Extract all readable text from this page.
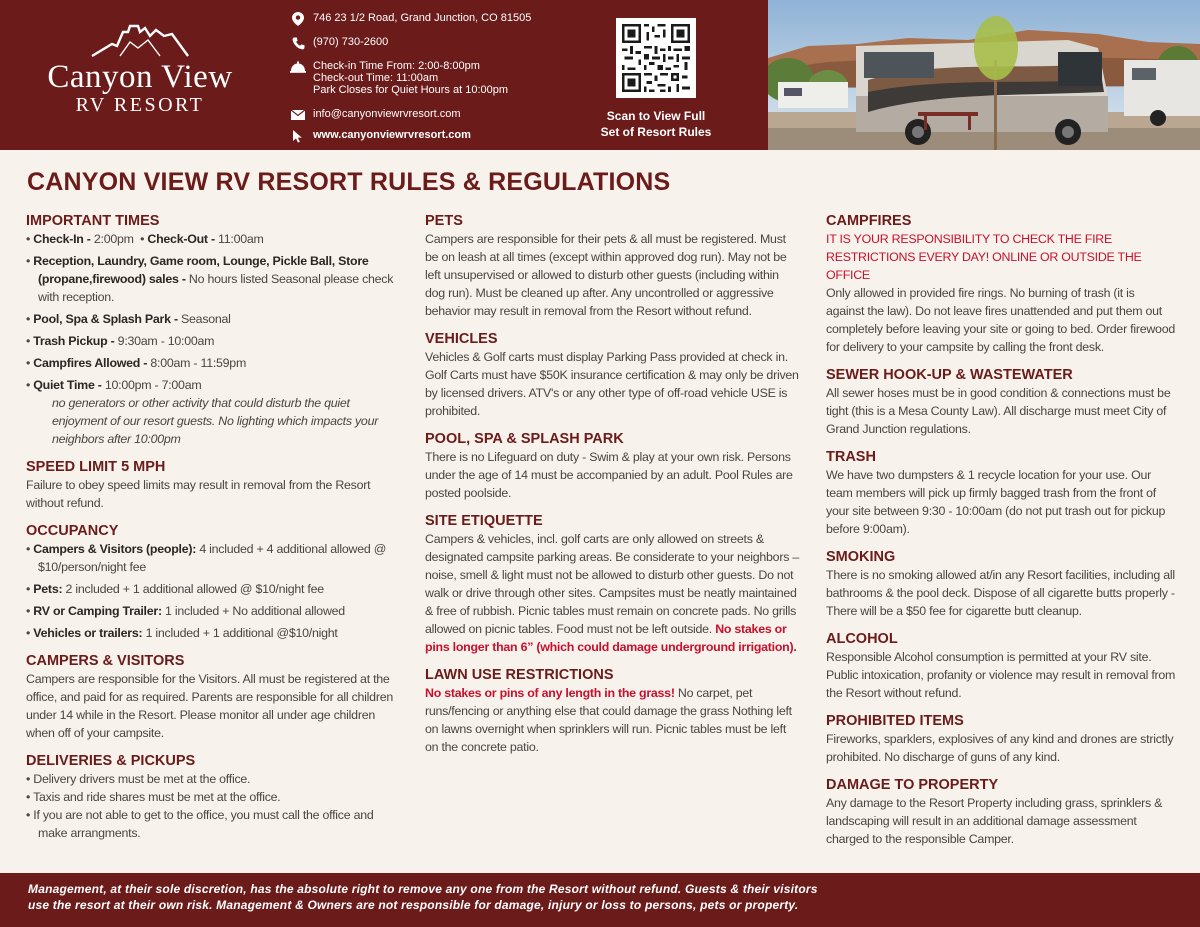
Canyon View
RV RESORT
746 23 1/2 Road, Grand Junction, CO 81505
(970) 730-2600
Check-in Time From: 2:00-8:00pm
Check-out Time: 11:00am
Park Closes for Quiet Hours at 10:00pm
info@canyonviewrvresort.com
www.canyonviewrvresort.com
Scan to View Full
Set of Resort Rules
CANYON VIEW RV RESORT RULES & REGULATIONS
IMPORTANT TIMES
• Check-In - 2:00pm  • Check-Out - 11:00am
• Reception, Laundry, Game room, Lounge, Pickle Ball, Store (propane,firewood) sales - No hours listed Seasonal please check with reception.
• Pool, Spa & Splash Park - Seasonal
• Trash Pickup - 9:30am - 10:00am
• Campfires Allowed - 8:00am - 11:59pm
• Quiet Time - 10:00pm - 7:00am
no generators or other activity that could disturb the quiet enjoyment of our resort guests. No lighting which impacts your neighbors after 10:00pm
SPEED LIMIT 5 MPH
Failure to obey speed limits may result in removal from the Resort without refund.
OCCUPANCY
• Campers & Visitors (people): 4 included + 4 additional allowed @ $10/person/night fee
• Pets: 2 included + 1 additional allowed @ $10/night fee
• RV or Camping Trailer: 1 included + No additional allowed
• Vehicles or trailers: 1 included + 1 additional @$10/night
CAMPERS & VISITORS
Campers are responsible for the Visitors. All must be registered at the office, and paid for as required. Parents are responsible for all children under 14 while in the Resort. Please monitor all under age children when off of your campsite.
DELIVERIES & PICKUPS
• Delivery drivers must be met at the office.
• Taxis and ride shares must be met at the office.
• If you are not able to get to the office, you must call the office and make arrangments.
PETS
Campers are responsible for their pets & all must be registered. Must be on leash at all times (except within approved dog run). May not be left unsupervised or allowed to disturb other guests (including within dog run). Must be cleaned up after. Any uncontrolled or aggressive behavior may result in removal from the Resort without refund.
VEHICLES
Vehicles & Golf carts must display Parking Pass provided at check in. Golf Carts must have $50K insurance certification & may only be driven by licensed drivers. ATV's or any other type of off-road vehicle USE is prohibited.
POOL, SPA & SPLASH PARK
There is no Lifeguard on duty - Swim & play at your own risk. Persons under the age of 14 must be accompanied by an adult. Pool Rules are posted poolside.
SITE ETIQUETTE
Campers & vehicles, incl. golf carts are only allowed on streets & designated campsite parking areas. Be considerate to your neighbors – noise, smell & light must not be allowed to disturb other guests. Do not walk or drive through other sites. Campsites must be neatly maintained & free of rubbish. Picnic tables must remain on concrete pads. No grills allowed on picnic tables. Food must not be left outside. No stakes or pins longer than 6” (which could damage underground irrigation).
LAWN USE RESTRICTIONS
No stakes or pins of any length in the grass! No carpet, pet runs/fencing or anything else that could damage the grass Nothing left on lawns overnight when sprinklers will run. Picnic tables must be left on the concrete patio.
CAMPFIRES
IT IS YOUR RESPONSIBILITY TO CHECK THE FIRE RESTRICTIONS EVERY DAY! ONLINE OR OUTSIDE THE OFFICE
Only allowed in provided fire rings. No burning of trash (it is against the law). Do not leave fires unattended and put them out completely before leaving your site or going to bed. Order firewood for delivery to your campsite by calling the front desk.
SEWER HOOK-UP & WASTEWATER
All sewer hoses must be in good condition & connections must be tight (this is a Mesa County Law). All discharge must meet City of Grand Junction regulations.
TRASH
We have two dumpsters & 1 recycle location for your use. Our team members will pick up firmly bagged trash from the front of your site between 9:30 - 10:00am (do not put trash out for pickup before 9:00am).
SMOKING
There is no smoking allowed at/in any Resort facilities, including all bathrooms & the pool deck. Dispose of all cigarette butts properly - There will be a $50 fee for cigarette butt cleanup.
ALCOHOL
Responsible Alcohol consumption is permitted at your RV site. Public intoxication, profanity or violence may result in removal from the Resort without refund.
PROHIBITED ITEMS
Fireworks, sparklers, explosives of any kind and drones are strictly prohibited. No discharge of guns of any kind.
DAMAGE TO PROPERTY
Any damage to the Resort Property including grass, sprinklers & landscaping will result in an additional damage assessment charged to the responsible Camper.
Management, at their sole discretion, has the absolute right to remove any one from the Resort without refund. Guests & their visitors
use the resort at their own risk. Management & Owners are not responsible for damage, injury or loss to persons, pets or property.
